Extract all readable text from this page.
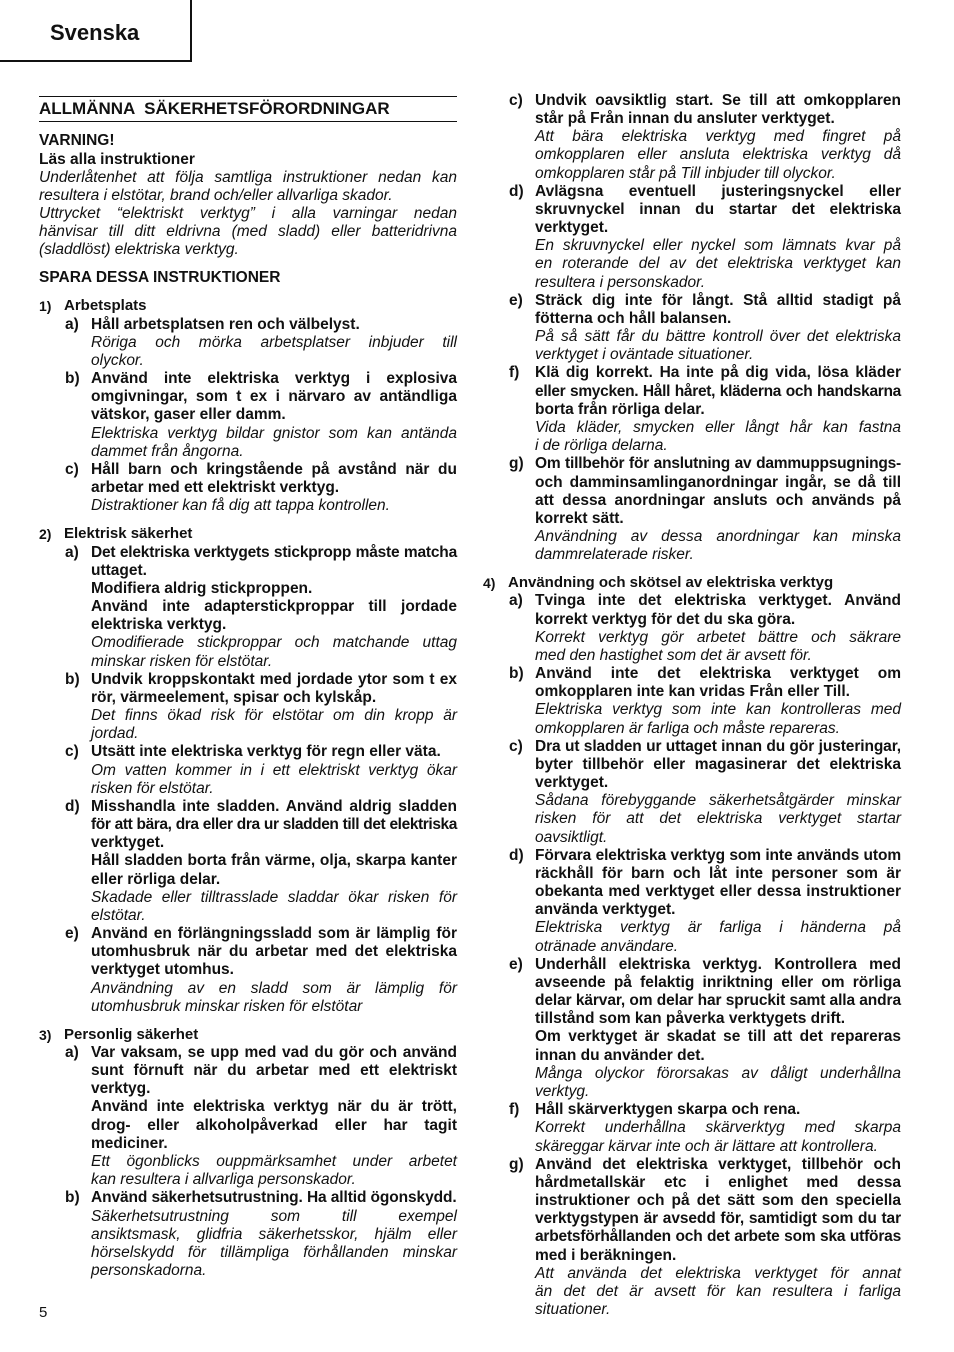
Svenska
ALLMÄNNA  SÄKERHETSFÖRORDNINGAR
VARNING!
Läs alla instruktioner
Underlåtenhet att följa samtliga instruktioner nedan kan
resultera i elstötar, brand och/eller allvarliga skador.
Uttrycket “elektriskt verktyg” i alla varningar nedan
hänvisar till ditt eldrivna (med sladd) eller batteridrivna
(sladdlöst) elektriska verktyg.
SPARA DESSA INSTRUKTIONER
1) Arbetsplats
a) Håll arbetsplatsen ren och välbelyst.
Röriga och mörka arbetsplatser inbjuder till
olyckor.
b) Använd inte elektriska verktyg i explosiva
omgivningar, som t ex i närvaro av antändliga
vätskor, gaser eller damm.
Elektriska verktyg bildar gnistor som kan antända
dammet från ångorna.
c) Håll barn och kringstående på avstånd när du
arbetar med ett elektriskt verktyg.
Distraktioner kan få dig att tappa kontrollen.
2) Elektrisk säkerhet
a) Det elektriska verktygets stickpropp måste matcha
uttaget.
Modifiera aldrig stickproppen.
Använd inte adapterstickproppar till jordade
elektriska verktyg.
Omodifierade stickproppar och matchande uttag
minskar risken för elstötar.
b) Undvik kroppskontakt med jordade ytor som t ex
rör, värmeelement, spisar och kylskåp.
Det finns ökad risk för elstötar om din kropp är
jordad.
c) Utsätt inte elektriska verktyg för regn eller väta.
Om vatten kommer in i ett elektriskt verktyg ökar
risken för elstötar.
d) Misshandla inte sladden. Använd aldrig sladden
för att bära, dra eller dra ur sladden till det elektriska
verktyget.
Håll sladden borta från värme, olja, skarpa kanter
eller rörliga delar.
Skadade eller tilltrasslade sladdar ökar risken för
elstötar.
e) Använd en förlängningssladd som är lämplig för
utomhusbruk när du arbetar med det elektriska
verktyget utomhus.
Användning av en sladd som är lämplig för
utomhusbruk minskar risken för elstötar
3) Personlig säkerhet
a) Var vaksam, se upp med vad du gör och använd
sunt förnuft när du arbetar med ett elektriskt
verktyg.
Använd inte elektriska verktyg när du är trött,
drog- eller alkoholpåverkad eller har tagit
mediciner.
Ett ögonblicks ouppmärksamhet under arbetet
kan resultera i allvarliga personskador.
b) Använd säkerhetsutrustning. Ha alltid ögonskydd.
Säkerhetsutrustning som till exempel
ansiktsmask, glidfria säkerhetsskor, hjälm eller
hörselskydd för tillämpliga förhållanden minskar
personskadorna.
c) Undvik oavsiktlig start. Se till att omkopplaren
står på Från innan du ansluter verktyget.
Att bära elektriska verktyg med fingret på
omkopplaren eller ansluta elektriska verktyg då
omkopplaren står på Till inbjuder till olyckor.
d) Avlägsna eventuell justeringsnyckel eller
skruvnyckel innan du startar det elektriska
verktyget.
En skruvnyckel eller nyckel som lämnats kvar på
en roterande del av det elektriska verktyget kan
resultera i personskador.
e) Sträck dig inte för långt. Stå alltid stadigt på
fötterna och håll balansen.
På så sätt får du bättre kontroll över det elektriska
verktyget i oväntade situationer.
f) Klä dig korrekt. Ha inte på dig vida, lösa kläder
eller smycken. Håll håret, kläderna och handskarna
borta från rörliga delar.
Vida kläder, smycken eller långt hår kan fastna
i de rörliga delarna.
g) Om tillbehör för anslutning av dammuppsugnings-
och damminsamlinganordningar ingår, se då till
att dessa anordningar ansluts och används på
korrekt sätt.
Användning av dessa anordningar kan minska
dammrelaterade risker.
4) Användning och skötsel av elektriska verktyg
a) Tvinga inte det elektriska verktyget. Använd
korrekt verktyg för det du ska göra.
Korrekt verktyg gör arbetet bättre och säkrare
med den hastighet som det är avsett för.
b) Använd inte det elektriska verktyget om
omkopplaren inte kan vridas Från eller Till.
Elektriska verktyg som inte kan kontrolleras med
omkopplaren är farliga och måste repareras.
c) Dra ut sladden ur uttaget innan du gör justeringar,
byter tillbehör eller magasinerar det elektriska
verktyget.
Sådana förebyggande säkerhetsåtgärder minskar
risken för att det elektriska verktyget startar
oavsiktligt.
d) Förvara elektriska verktyg som inte används utom
räckhåll för barn och låt inte personer som är
obekanta med verktyget eller dessa instruktioner
använda verktyget.
Elektriska verktyg är farliga i händerna på
otränade användare.
e) Underhåll elektriska verktyg. Kontrollera med
avseende på felaktig inriktning eller om rörliga
delar kärvar, om delar har spruckit samt alla andra
tillstånd som kan påverka verktygets drift.
Om verktyget är skadat se till att det repareras
innan du använder det.
Många olyckor förorsakas av dåligt underhållna
verktyg.
f) Håll skärverktygen skarpa och rena.
Korrekt underhållna skärverktyg med skarpa
skäreggar kärvar inte och är lättare att kontrollera.
g) Använd det elektriska verktyget, tillbehör och
hårdmetallskär etc i enlighet med dessa
instruktioner och på det sätt som den speciella
verktygstypen är avsedd för, samtidigt som du tar
arbetsförhållanden och det arbete som ska utföras
med i beräkningen.
Att använda det elektriska verktyget för annat
än det det är avsett för kan resultera i farliga
situationer.
5
